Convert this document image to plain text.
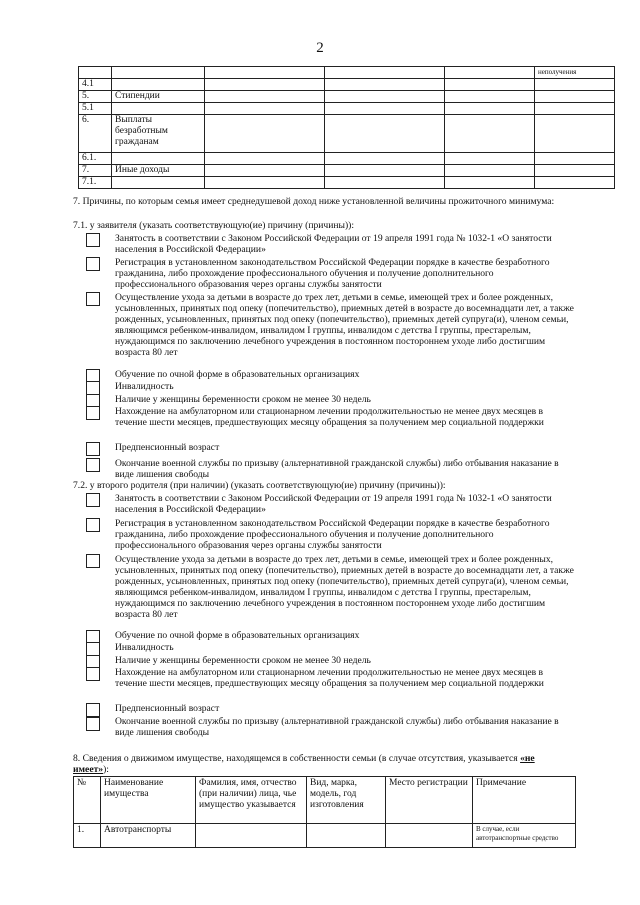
2
					неполучения
4.1					
5.	Стипендии				
5.1					
6.	Выплаты безработным гражданам				
6.1.					
7.	Иные доходы				
7.1.					
7. Причины, по которым семья имеет среднедушевой доход ниже установленной величины прожиточного минимума:
7.1. у заявителя (указать соответствующую(ие) причину (причины)):
Занятость в соответствии с Законом Российской Федерации от 19 апреля 1991 года № 1032-1 «О занятости населения в Российской Федерации»
Регистрация в установленном законодательством Российской Федерации порядке в качестве безработного гражданина, либо прохождение профессионального обучения и получение дополнительного профессионального образования через органы службы занятости
Осуществление ухода за детьми в возрасте до трех лет, детьми в семье, имеющей трех и более рожденных, усыновленных, принятых под опеку (попечительство), приемных детей в возрасте до восемнадцати лет, а также рожденных, усыновленных, принятых под опеку (попечительство), приемных детей супруга(и), членом семьи, являющимся ребенком-инвалидом, инвалидом I группы, инвалидом с детства I группы, престарелым, нуждающимся по заключению лечебного учреждения в постоянном постороннем уходе либо достигшим возраста 80 лет
Обучение по очной форме в образовательных организациях
Инвалидность
Наличие у женщины беременности сроком не менее 30 недель
Нахождение на амбулаторном или стационарном лечении продолжительностью не менее двух месяцев в течение шести месяцев, предшествующих месяцу обращения за получением мер социальной поддержки
Предпенсионный возраст
Окончание военной службы по призыву (альтернативной гражданской службы) либо отбывания наказание в виде лишения свободы
7.2. у второго родителя (при наличии) (указать соответствующую(ие) причину (причины)):
Занятость в соответствии с Законом Российской Федерации от 19 апреля 1991 года № 1032-1 «О занятости населения в Российской Федерации»
Регистрация в установленном законодательством Российской Федерации порядке в качестве безработного гражданина, либо прохождение профессионального обучения и получение дополнительного профессионального образования через органы службы занятости
Осуществление ухода за детьми в возрасте до трех лет, детьми в семье, имеющей трех и более рожденных, усыновленных, принятых под опеку (попечительство), приемных детей в возрасте до восемнадцати лет, а также рожденных, усыновленных, принятых под опеку (попечительство), приемных детей супруга(и), членом семьи, являющимся ребенком-инвалидом, инвалидом I группы, инвалидом с детства I группы, престарелым, нуждающимся по заключению лечебного учреждения в постоянном постороннем уходе либо достигшим возраста 80 лет
Обучение по очной форме в образовательных организациях
Инвалидность
Наличие у женщины беременности сроком не менее 30 недель
Нахождение на амбулаторном или стационарном лечении продолжительностью не менее двух месяцев в течение шести месяцев, предшествующих месяцу обращения за получением мер социальной поддержки
Предпенсионный возраст
Окончание военной службы по призыву (альтернативной гражданской службы) либо отбывания наказание в виде лишения свободы
8. Сведения о движимом имуществе, находящемся в собственности семьи (в случае отсутствия, указывается «не имеет»):
№	Наименование имущества	Фамилия, имя, отчество (при наличии) лица, чье имущество указывается	Вид, марка, модель, год изготовления	Место регистрации	Примечание
1.	Автотранспорты				В случае, если автотранспортные средство
